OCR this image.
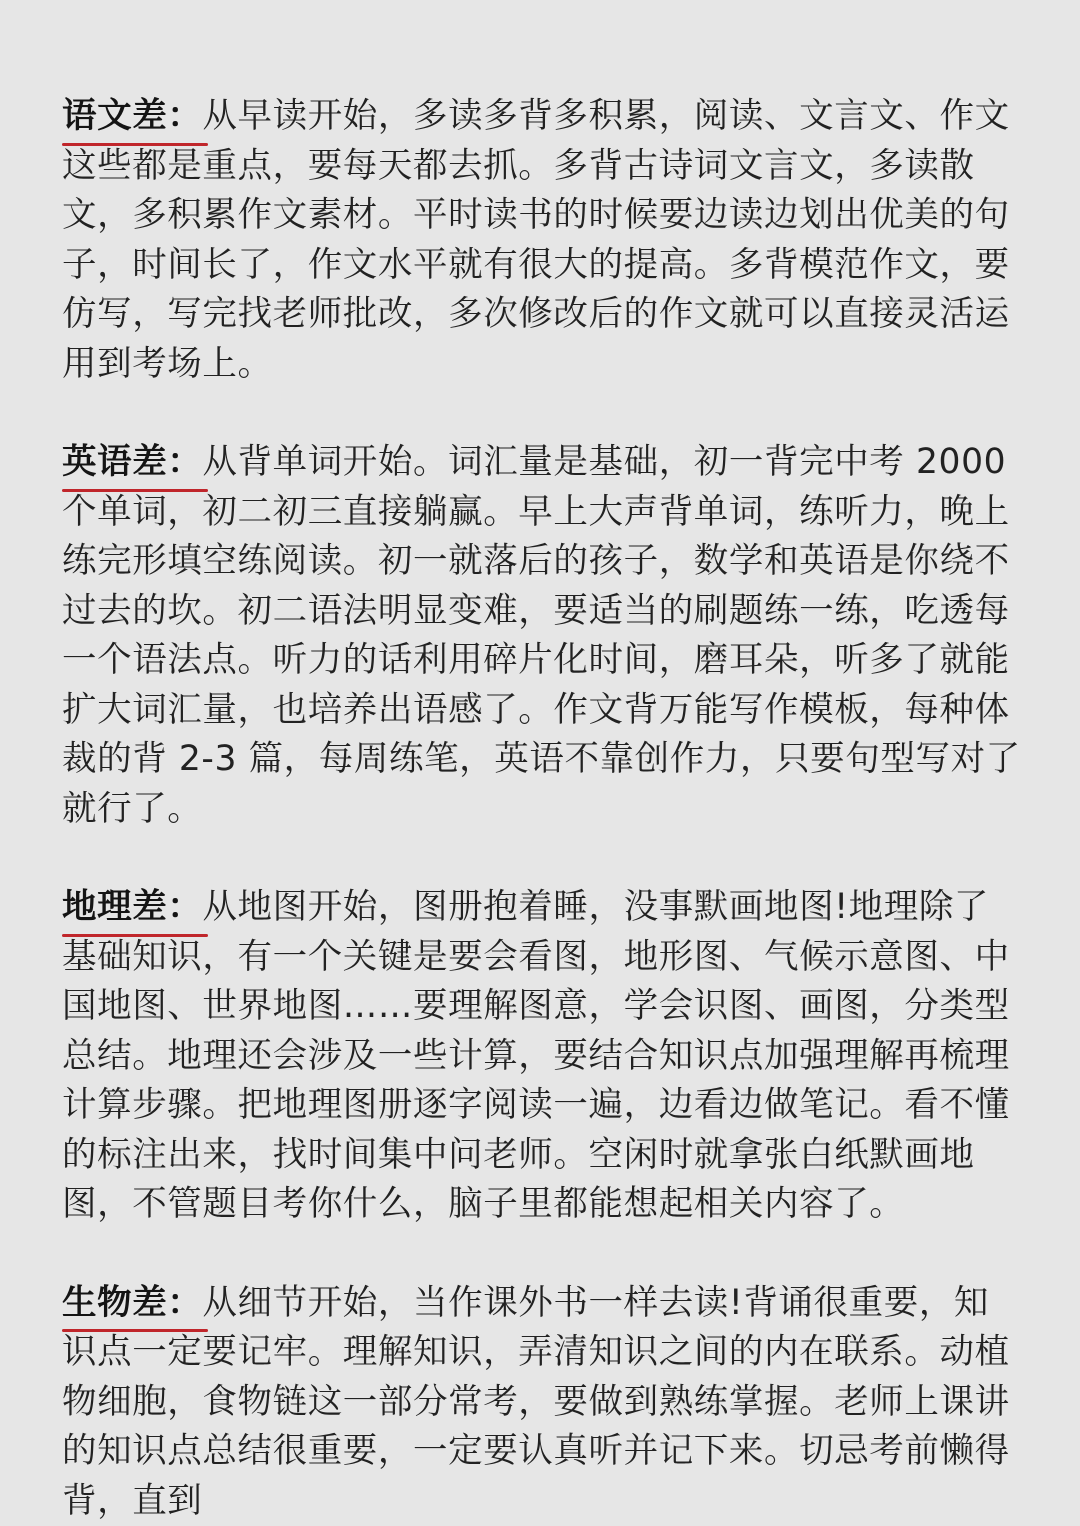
语文差：从早读开始，多读多背多积累，阅读、文言文、作文这些都是重点，要每天都去抓。多背古诗词文言文，多读散文，多积累作文素材。平时读书的时候要边读边划出优美的句子，时间长了，作文水平就有很大的提高。多背模范作文，要仿写，写完找老师批改，多次修改后的作文就可以直接灵活运用到考场上。

英语差：从背单词开始。词汇量是基础，初一背完中考 2000 个单词，初二初三直接躺赢。早上大声背单词，练听力，晚上练完形填空练阅读。初一就落后的孩子，数学和英语是你绕不过去的坎。初二语法明显变难，要适当的刷题练一练，吃透每一个语法点。听力的话利用碎片化时间，磨耳朵，听多了就能扩大词汇量，也培养出语感了。作文背万能写作模板，每种体裁的背 2-3 篇，每周练笔，英语不靠创作力，只要句型写对了就行了。

地理差：从地图开始，图册抱着睡，没事默画地图!地理除了基础知识，有一个关键是要会看图，地形图、气候示意图、中国地图、世界地图……要理解图意，学会识图、画图，分类型总结。地理还会涉及一些计算，要结合知识点加强理解再梳理计算步骤。把地理图册逐字阅读一遍，边看边做笔记。看不懂的标注出来，找时间集中问老师。空闲时就拿张白纸默画地图，不管题目考你什么，脑子里都能想起相关内容了。

生物差：从细节开始，当作课外书一样去读!背诵很重要，知识点一定要记牢。理解知识，弄清知识之间的内在联系。动植物细胞，食物链这一部分常考，要做到熟练掌握。老师上课讲的知识点总结很重要，一定要认真听并记下来。切忌考前懒得背，直到
